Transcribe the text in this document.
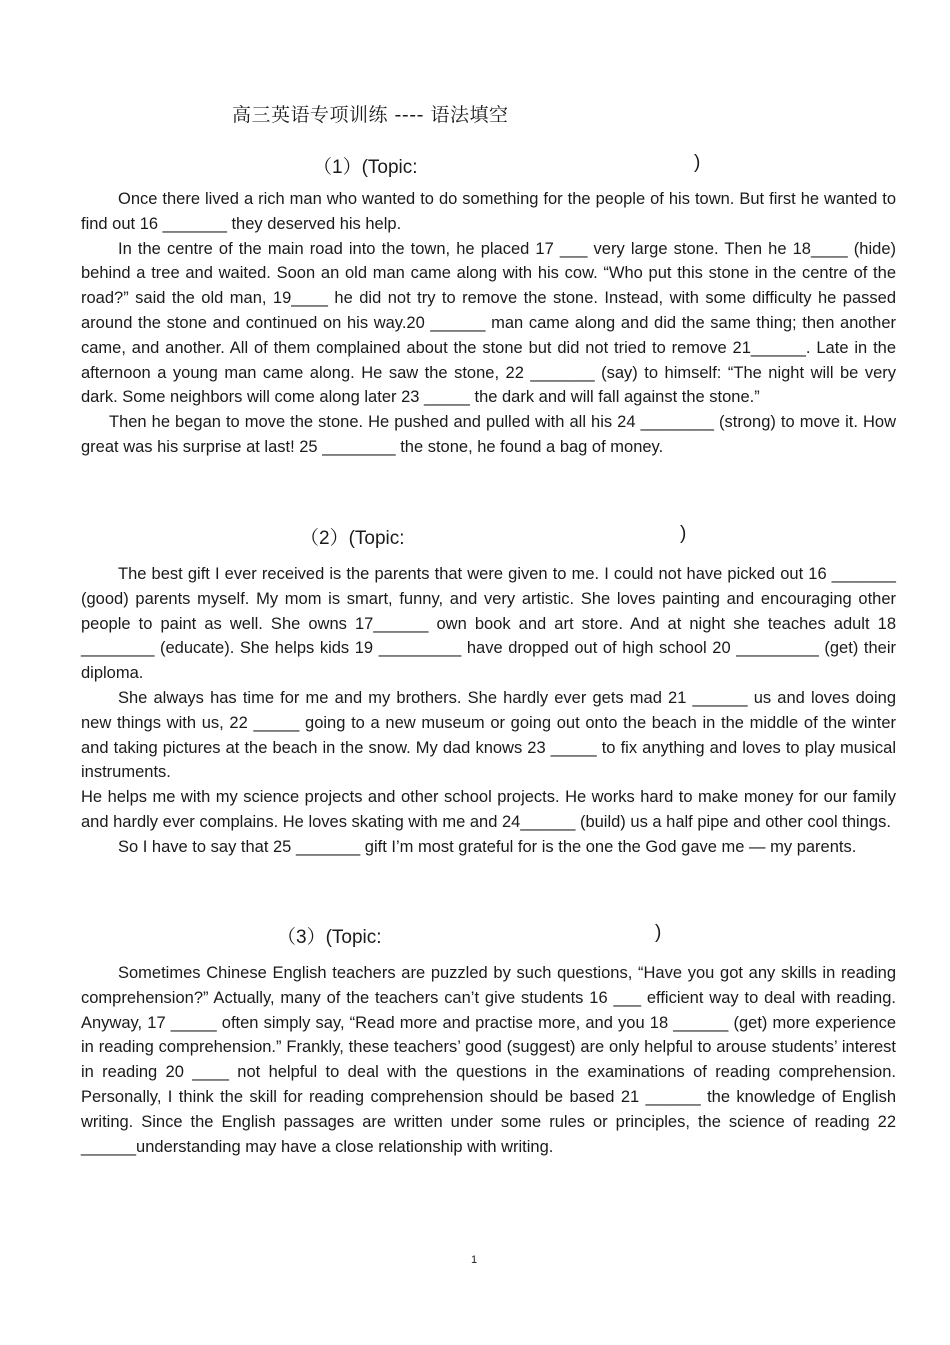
高三英语专项训练 ---- 语法填空
（1）(Topic:	)

Once there lived a rich man who wanted to do something for the people of his town. But first he wanted to find out 16 _______ they deserved his help.

In the centre of the main road into the town, he placed 17 ___ very large stone. Then he 18____ (hide) behind a tree and waited. Soon an old man came along with his cow. “Who put this stone in the centre of the road?” said the old man, 19____ he did not try to remove the stone. Instead, with some difficulty he passed around the stone and continued on his way.20 ______ man came along and did the same thing; then another came, and another. All of them complained about the stone but did not tried to remove 21______. Late in the afternoon a young man came along. He saw the stone, 22 _______ (say) to himself: “The night will be very dark. Some neighbors will come along later 23 _____ the dark and will fall against the stone.”

Then he began to move the stone. He pushed and pulled with all his 24 ________ (strong) to move it. How great was his surprise at last! 25 ________ the stone, he found a bag of money.

（2）(Topic:	)

The best gift I ever received is the parents that were given to me. I could not have picked out 16 _______ (good) parents myself. My mom is smart, funny, and very artistic. She loves painting and encouraging other people to paint as well. She owns 17______ own book and art store. And at night she teaches adult 18 ________ (educate). She helps kids 19 _________ have dropped out of high school 20 _________ (get) their diploma.

She always has time for me and my brothers. She hardly ever gets mad 21 ______ us and loves doing new things with us, 22 _____ going to a new museum or going out onto the beach in the middle of the winter and taking pictures at the beach in the snow. My dad knows 23 _____ to fix anything and loves to play musical instruments.

He helps me with my science projects and other school projects. He works hard to make money for our family and hardly ever complains. He loves skating with me and 24______ (build) us a half pipe and other cool things.

So I have to say that 25 _______ gift I’m most grateful for is the one the God gave me — my parents.

（3）(Topic:	)

Sometimes Chinese English teachers are puzzled by such questions, “Have you got any skills in reading comprehension?” Actually, many of the teachers can’t give students 16 ___ efficient way to deal with reading. Anyway, 17 _____ often simply say, “Read more and practise more, and you 18 ______ (get) more experience in reading comprehension.” Frankly, these teachers’ good (suggest) are only helpful to arouse students’ interest in reading 20 ____ not helpful to deal with the questions in the examinations of reading comprehension. Personally, I think the skill for reading comprehension should be based 21 ______ the knowledge of English writing. Since the English passages are written under some rules or principles, the science of reading 22 ______understanding may have a close relationship with writing.

1
